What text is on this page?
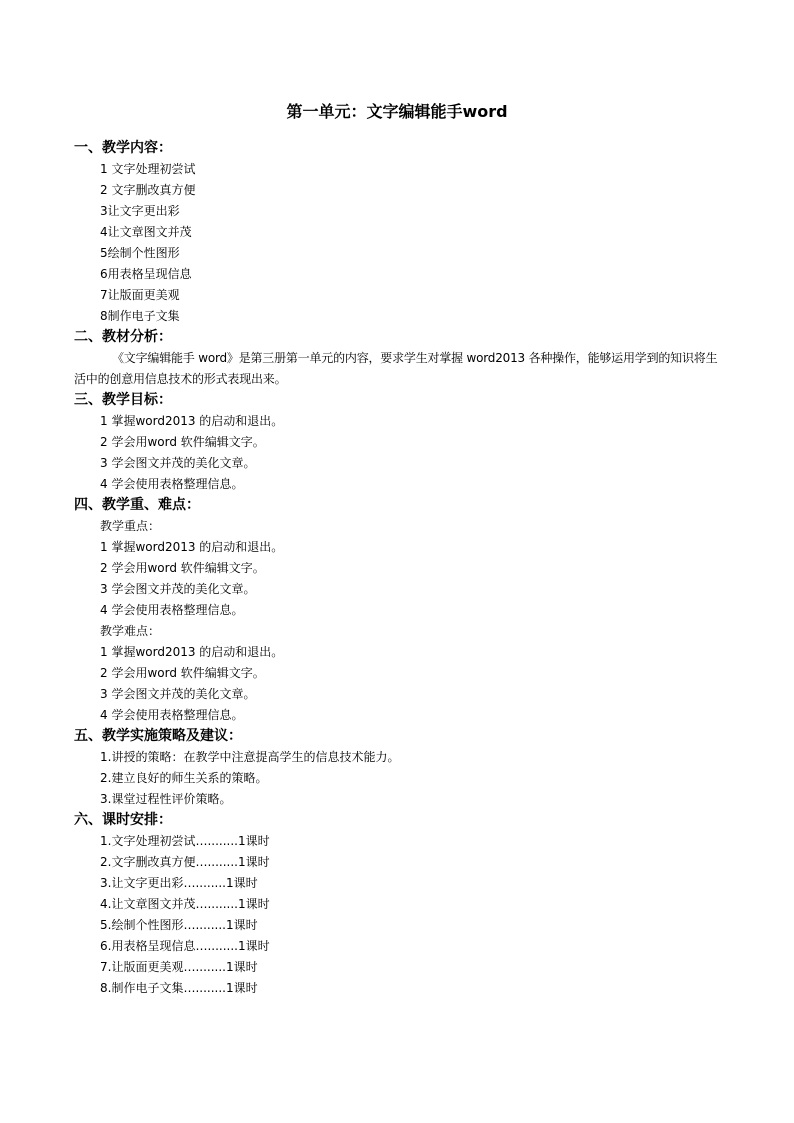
第一单元：文字编辑能手word
一、教学内容：
1 文字处理初尝试
2 文字删改真方便
3让文字更出彩
4让文章图文并茂
5绘制个性图形
6用表格呈现信息
7让版面更美观
8制作电子文集
二、教材分析：

《文字编辑能手 word》是第三册第一单元的内容，要求学生对掌握 word2013 各种操作，能够运用学到的知识将生活中的创意用信息技术的形式表现出来。

三、教学目标：
1 掌握word2013 的启动和退出。
2 学会用word 软件编辑文字。
3 学会图文并茂的美化文章。
4 学会使用表格整理信息。
四、教学重、难点：
教学重点：
1 掌握word2013 的启动和退出。
2 学会用word 软件编辑文字。
3 学会图文并茂的美化文章。
4 学会使用表格整理信息。
教学难点：
1 掌握word2013 的启动和退出。
2 学会用word 软件编辑文字。
3 学会图文并茂的美化文章。
4 学会使用表格整理信息。
五、教学实施策略及建议：
1.讲授的策略：在教学中注意提高学生的信息技术能力。
2.建立良好的师生关系的策略。
3.课堂过程性评价策略。
六、课时安排：
1.文字处理初尝试…........1课时
2.文字删改真方便…........1课时
3.让文字更出彩…........1课时
4.让文章图文并茂…........1课时
5.绘制个性图形…........1课时
6.用表格呈现信息…........1课时
7.让版面更美观…........1课时
8.制作电子文集…........1课时
